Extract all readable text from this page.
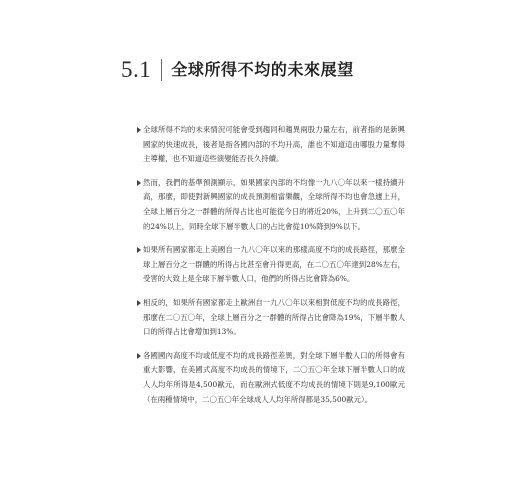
5.1 全球所得不均的未來展望

全球所得不均的未來情況可能會受到趨同和趨異兩股力量左右，前者指的是新興國家的快速成長，後者是指各國內部的不均升高，誰也不知道這由哪股力量奪得主導權，也不知道這些演變能否長久持續。

然而，我們的基準預測顯示，如果國家內部的不均像一九八〇年以來一樣持續升高，那麼，即使對新興國家的成長預測相當樂觀，全球所得不均也會急遽上升，全球上層百分之一群體的所得占比也可能從今日的將近20%，上升到二〇五〇年的24%以上，同時全球下層半數人口的占比會從10%降到9%以下。

如果所有國家都走上美國自一九八〇年以來的那樣高度不均的成長路徑，那麼全球上層百分之一群體的所得占比甚至會升得更高，在二〇五〇年達到28%左右，受害的大致上是全球下層半數人口，他們的所得占比會降為6%。

相反的，如果所有國家都走上歐洲自一九八〇年以來相對低度不均的成長路徑，那麼在二〇五〇年，全球上層百分之一群體的所得占比會降為19%，下層半數人口的所得占比會增加到13%。

各國國內高度不均或低度不均的成長路徑差異，對全球下層半數人口的所得會有重大影響，在美國式高度不均成長的情境下，二〇五〇年全球下層半數人口的成人人均年所得是4,500歐元，而在歐洲式低度不均成長的情境下則是9,100歐元（在兩種情境中，二〇五〇年全球成人人均年所得都是35,500歐元）。
